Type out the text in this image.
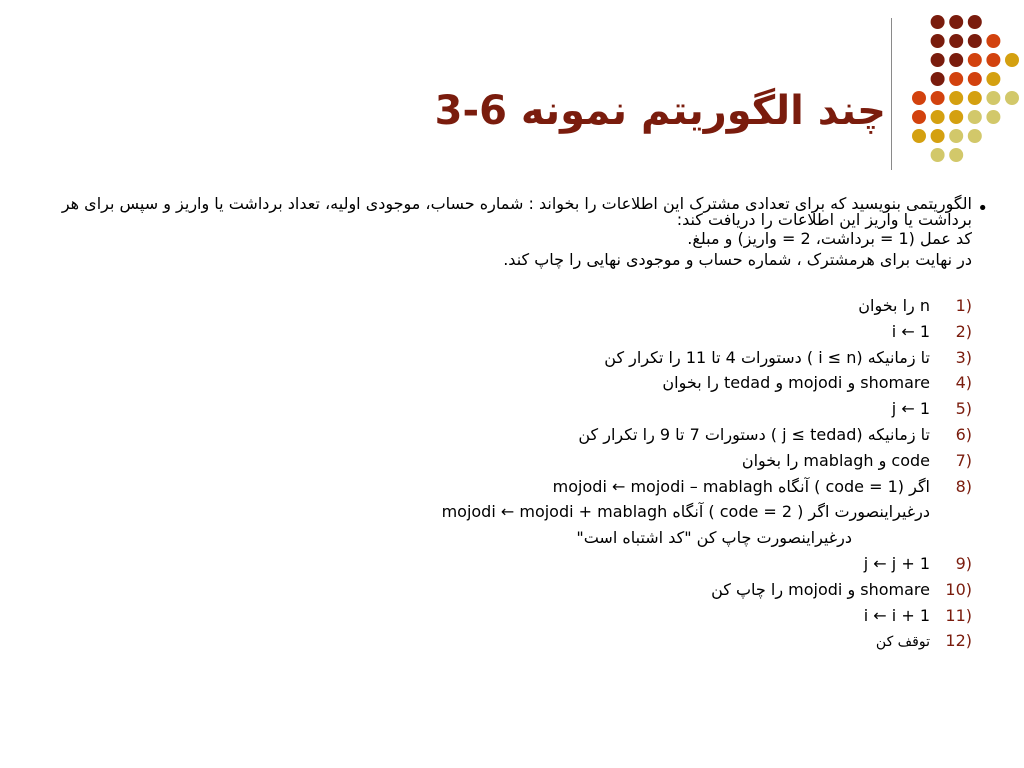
3-6 چند الگوریتم نمونه
•

الگوریتمی بنویسید که برای تعدادی مشترک این اطلاعات را بخواند : شماره حساب، موجودی اولیه، تعداد برداشت یا واریز و سپس برای هر برداشت یا واریز این اطلاعات را دریافت کند:

کد عمل (1 = برداشت، 2 = واریز) و مبلغ.

در نهایت برای هرمشترک ، شماره حساب و موجودی نهایی را چاپ کند.

(1n را بخوان
(2i ← 1
(3تا زمانیکه (i ≤ n ) دستورات 4 تا 11 را تکرار کن
(4shomare و mojodi و tedad را بخوان
(5j ← 1
(6تا زمانیکه (j ≤ tedad ) دستورات 7 تا 9 را تکرار کن
(7code و mablagh را بخوان
(8اگر (code = 1 ) آنگاه mojodi ← mojodi – mablagh
درغیراینصورت اگر ( code = 2 ) آنگاه mojodi ← mojodi + mablagh
درغیراینصورت چاپ کن "کد اشتباه است"
(9j ← j + 1
(10shomare و mojodi را چاپ کن
(11i ← i + 1
(12توقف کن
